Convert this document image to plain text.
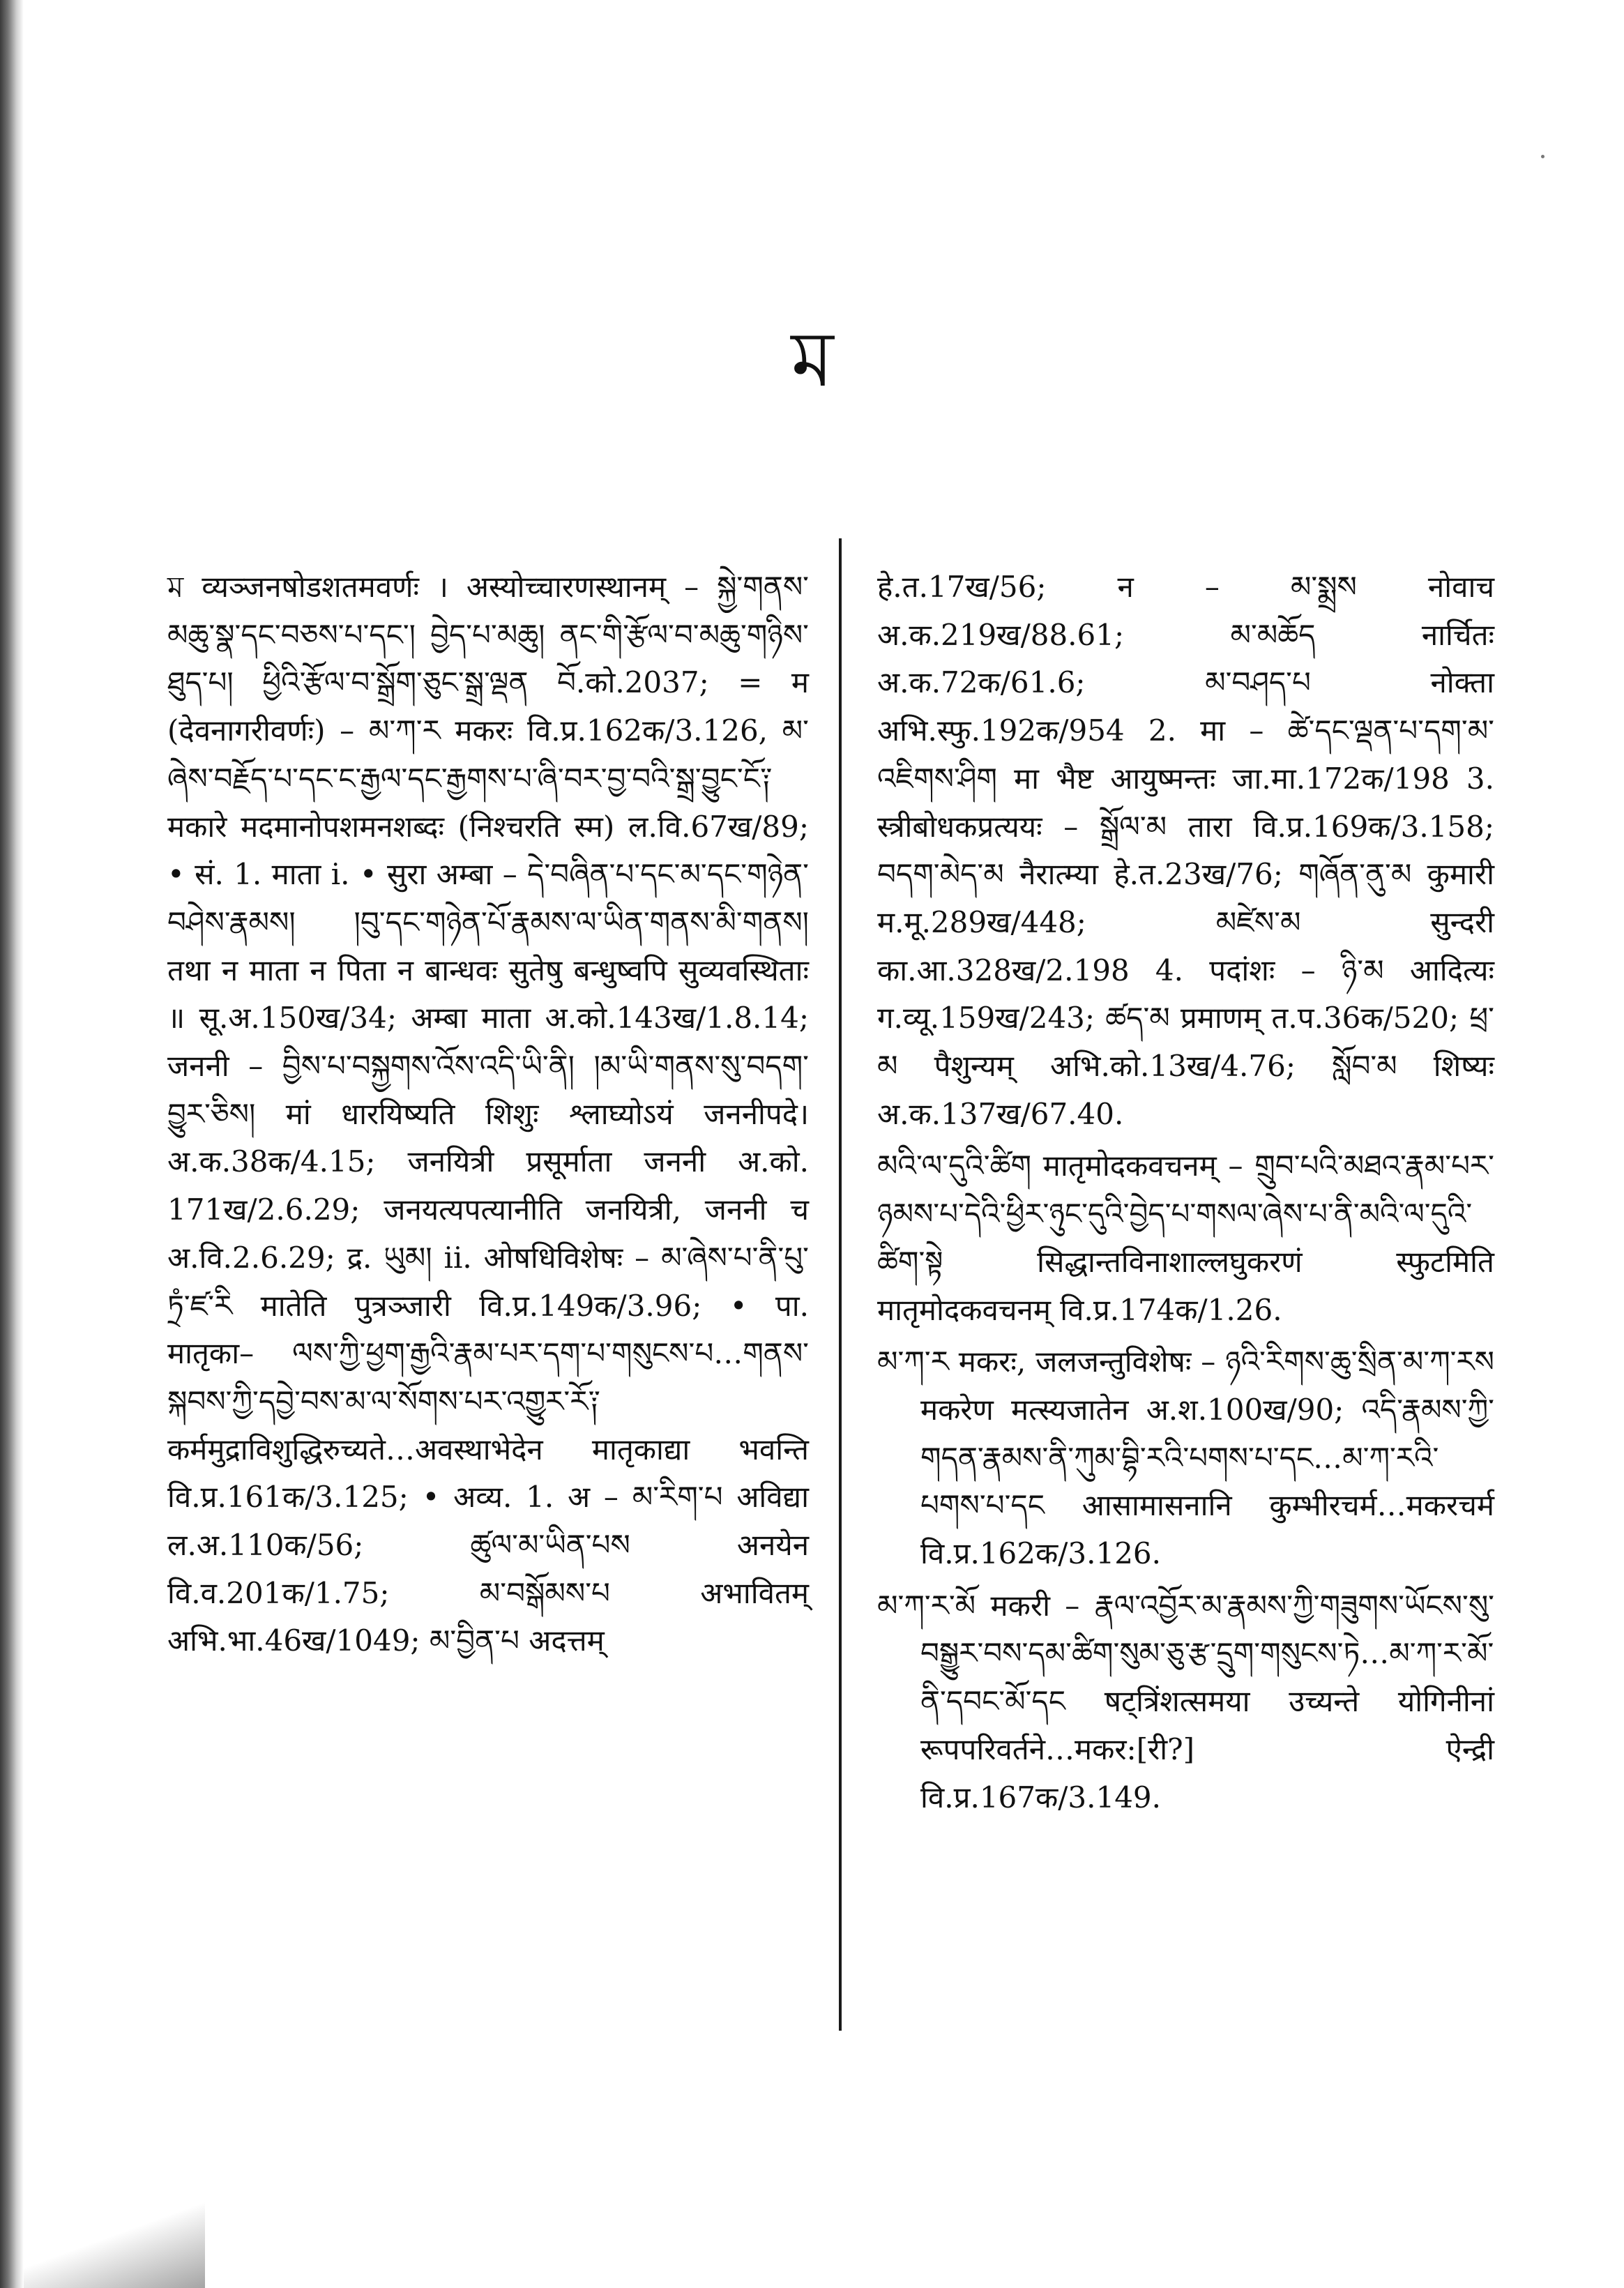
ম

ম व्यञ्जनषोडशतमवर्णः । अस्योच्चारणस्थानम् – སྐྱེ་གནས་མཆུ་སྣ་དང་བཅས་པ་དང་། བྱེད་པ་མཆུ། ནང་གི་རྩོལ་བ་མཆུ་གཉིས་ཐུད་པ། ཕྱིའི་རྩོལ་བ་སྒྲོག་ཅུང་སྒྲ་ལྡན བོ.को.2037; = म (देवनागरीवर्णः) – མ་ཀ་ར मकरः वि.प्र.162क/3.126, མ་ཞེས་བརྗོད་པ་དང་ང་རྒྱལ་དང་རྒྱགས་པ་ཞི་བར་བྱ་བའི་སྒྲ་བྱུང་ངོ༑ मकारे मदमानोपशमनशब्दः (निश्चरति स्म) ल.वि.67ख/89; • सं. 1. माता i. • सुरा अम्बा – དེ་བཞིན་པ་དང་མ་དང་གཉེན་བཤེས་རྣམས། །བུ་དང་གཉེན་པོ་རྣམས་ལ་ཡིན་གནས་མི་གནས། तथा न माता न पिता न बान्धवः सुतेषु बन्धुष्वपि सुव्यवस्थिताः ॥ सू.अ.150ख/34; अम्बा माता अ.को.143ख/1.8.14; जननी – བྱིས་པ་བསྐྱགས་འོས་འདི་ཡི་ནི། །མ་ཡི་གནས་སུ་བདག་བྱུར་ཅིས། मां धारयिष्यति शिशुः श्लाघ्योऽयं जननीपदे। अ.क.38क/4.15; जनयित्री प्रसूर्माता जननी अ.को. 171ख/2.6.29; जनयत्यपत्यानीति जनयित्री, जननी च अ.वि.2.6.29; द्र. ཡུམ། ii. ओषधिविशेषः – མ་ཞེས་པ་ནི་པུ་ཏྲཾ་ཛ་རི मातेति पुत्रञ्जारी वि.प्र.149क/3.96; • पा. मातृका– ལས་ཀྱི་ཕྱག་རྒྱའི་རྣམ་པར་དག་པ་གསུངས་པ…གནས་སྐབས་ཀྱི་དབྱེ་བས་མ་ལ་སོགས་པར་འགྱུར་རོ༑ कर्ममुद्राविशुद्धिरुच्यते…अवस्थाभेदेन मातृकाद्या भवन्ति वि.प्र.161क/3.125; • अव्य. 1. अ – མ་རིག་པ अविद्या ल.अ.110क/56; ཚུལ་མ་ཡིན་པས अनयेन वि.व.201क/1.75; མ་བསྒོམས་པ अभावितम् अभि.भा.46ख/1049; མ་བྱིན་པ अदत्तम्

हे.त.17ख/56; न – མ་སྨྲས नोवाच अ.क.219ख/88.61; མ་མཆོད नार्चितः अ.क.72क/61.6; མ་བཤད་པ नोक्ता अभि.स्फु.192क/954 2. मा – ཚེ་དང་ལྡན་པ་དག་མ་འཇིགས་ཤིག मा भैष्ट आयुष्मन्तः जा.मा.172क/198 3. स्त्रीबोधकप्रत्ययः – སྒྲོལ་མ तारा वि.प्र.169क/3.158; བདག་མེད་མ नैरात्म्या हे.त.23ख/76; གཞོན་ནུ་མ कुमारी म.मू.289ख/448; མཛེས་མ सुन्दरी का.आ.328ख/2.198 4. पदांशः – ཉི་མ आदित्यः ग.व्यू.159ख/243; ཚད་མ प्रमाणम् त.प.36क/520; ཕྲ་མ पैशुन्यम् अभि.को.13ख/4.76; སློབ་མ शिष्यः अ.क.137ख/67.40.

མའི་ལ་དུའི་ཚིག मातृमोदकवचनम् – གྲུབ་པའི་མཐའ་རྣམ་པར་ཉམས་པ་དེའི་ཕྱིར་ཉུང་དུའི་བྱེད་པ་གསལ་ཞེས་པ་ནི་མའི་ལ་དུའི་ཚིག་སྟེ सिद्धान्तविनाशाल्लघुकरणं स्फुटमिति मातृमोदकवचनम् वि.प्र.174क/1.26.

མ་ཀ་ར मकरः, जलजन्तुविशेषः – ཉའི་རིགས་ཆུ་སྲིན་མ་ཀ་རས मकरेण मत्स्यजातेन अ.श.100ख/90; འདི་རྣམས་ཀྱི་གདན་རྣམས་ནི་ཀུམ་བྷི་རའི་པགས་པ་དང…མ་ཀ་རའི་པགས་པ་དང आसामासनानि कुम्भीरचर्म…मकरचर्म वि.प्र.162क/3.126.

མ་ཀ་ར་མོ मकरी – རྣལ་འབྱོར་མ་རྣམས་ཀྱི་གཟུགས་ཡོངས་སུ་བསྒྱུར་བས་དམ་ཚིག་སུམ་ཅུ་རྩ་དྲུག་གསུངས་ཏེ…མ་ཀ་ར་མོ་ནི་དབང་མོ་དང षट्त्रिंशत्समया उच्यन्ते योगिनीनां रूपपरिवर्तने…मकर:[री?] ऐन्द्री वि.प्र.167क/3.149.
